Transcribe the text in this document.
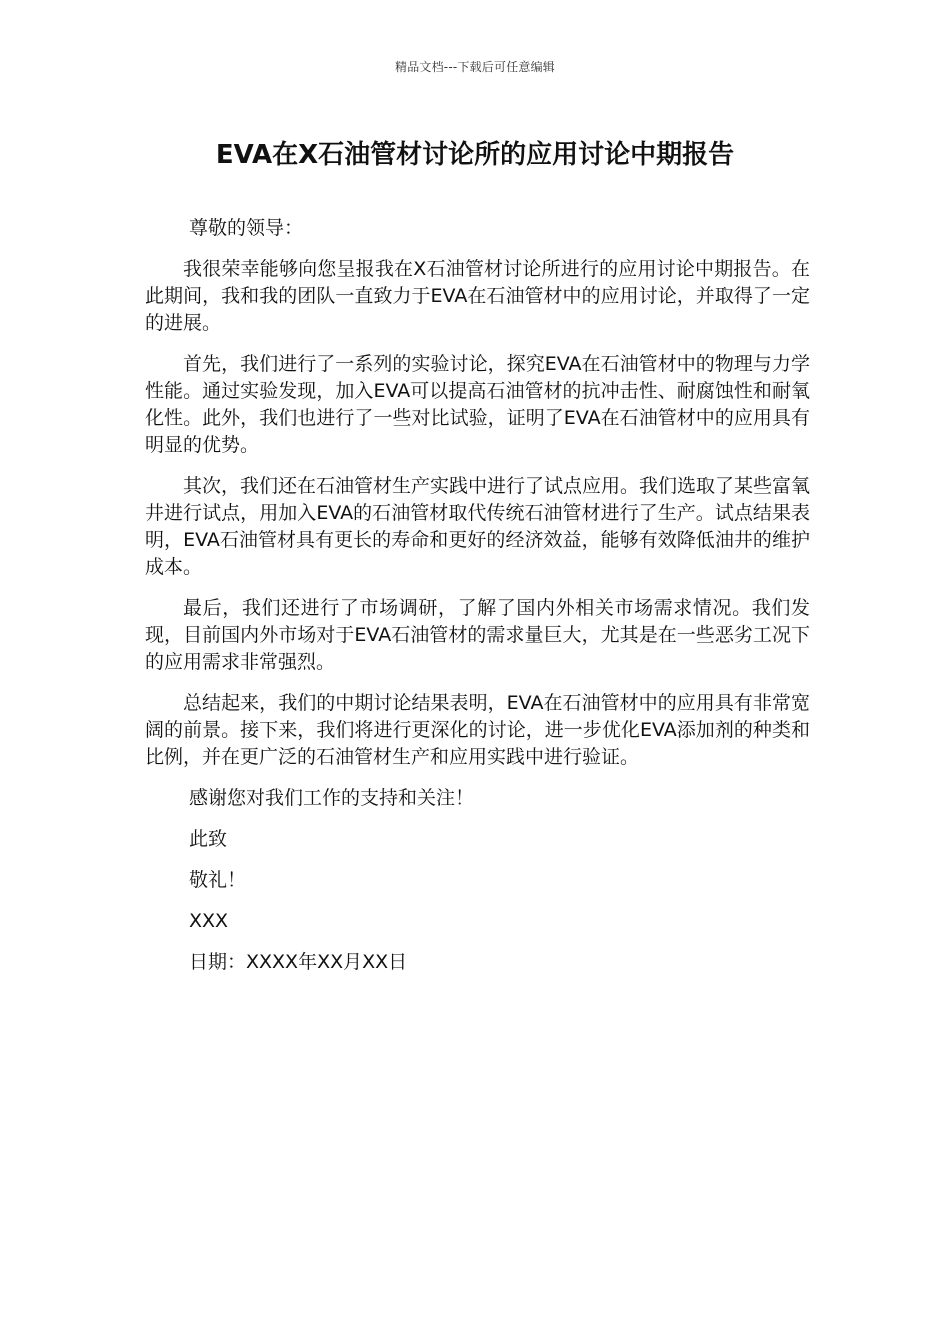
精品文档---下载后可任意编辑
EVA在X石油管材讨论所的应用讨论中期报告

尊敬的领导：

我很荣幸能够向您呈报我在X石油管材讨论所进行的应用讨论中期报告。在此期间，我和我的团队一直致力于EVA在石油管材中的应用讨论，并取得了一定的进展。

首先，我们进行了一系列的实验讨论，探究EVA在石油管材中的物理与力学性能。通过实验发现，加入EVA可以提高石油管材的抗冲击性、耐腐蚀性和耐氧化性。此外，我们也进行了一些对比试验，证明了EVA在石油管材中的应用具有明显的优势。

其次，我们还在石油管材生产实践中进行了试点应用。我们选取了某些富氧井进行试点，用加入EVA的石油管材取代传统石油管材进行了生产。试点结果表明，EVA石油管材具有更长的寿命和更好的经济效益，能够有效降低油井的维护成本。

最后，我们还进行了市场调研，了解了国内外相关市场需求情况。我们发现，目前国内外市场对于EVA石油管材的需求量巨大，尤其是在一些恶劣工况下的应用需求非常强烈。

总结起来，我们的中期讨论结果表明，EVA在石油管材中的应用具有非常宽阔的前景。接下来，我们将进行更深化的讨论，进一步优化EVA添加剂的种类和比例，并在更广泛的石油管材生产和应用实践中进行验证。

感谢您对我们工作的支持和关注！

此致

敬礼！

XXX

日期：XXXX年XX月XX日
